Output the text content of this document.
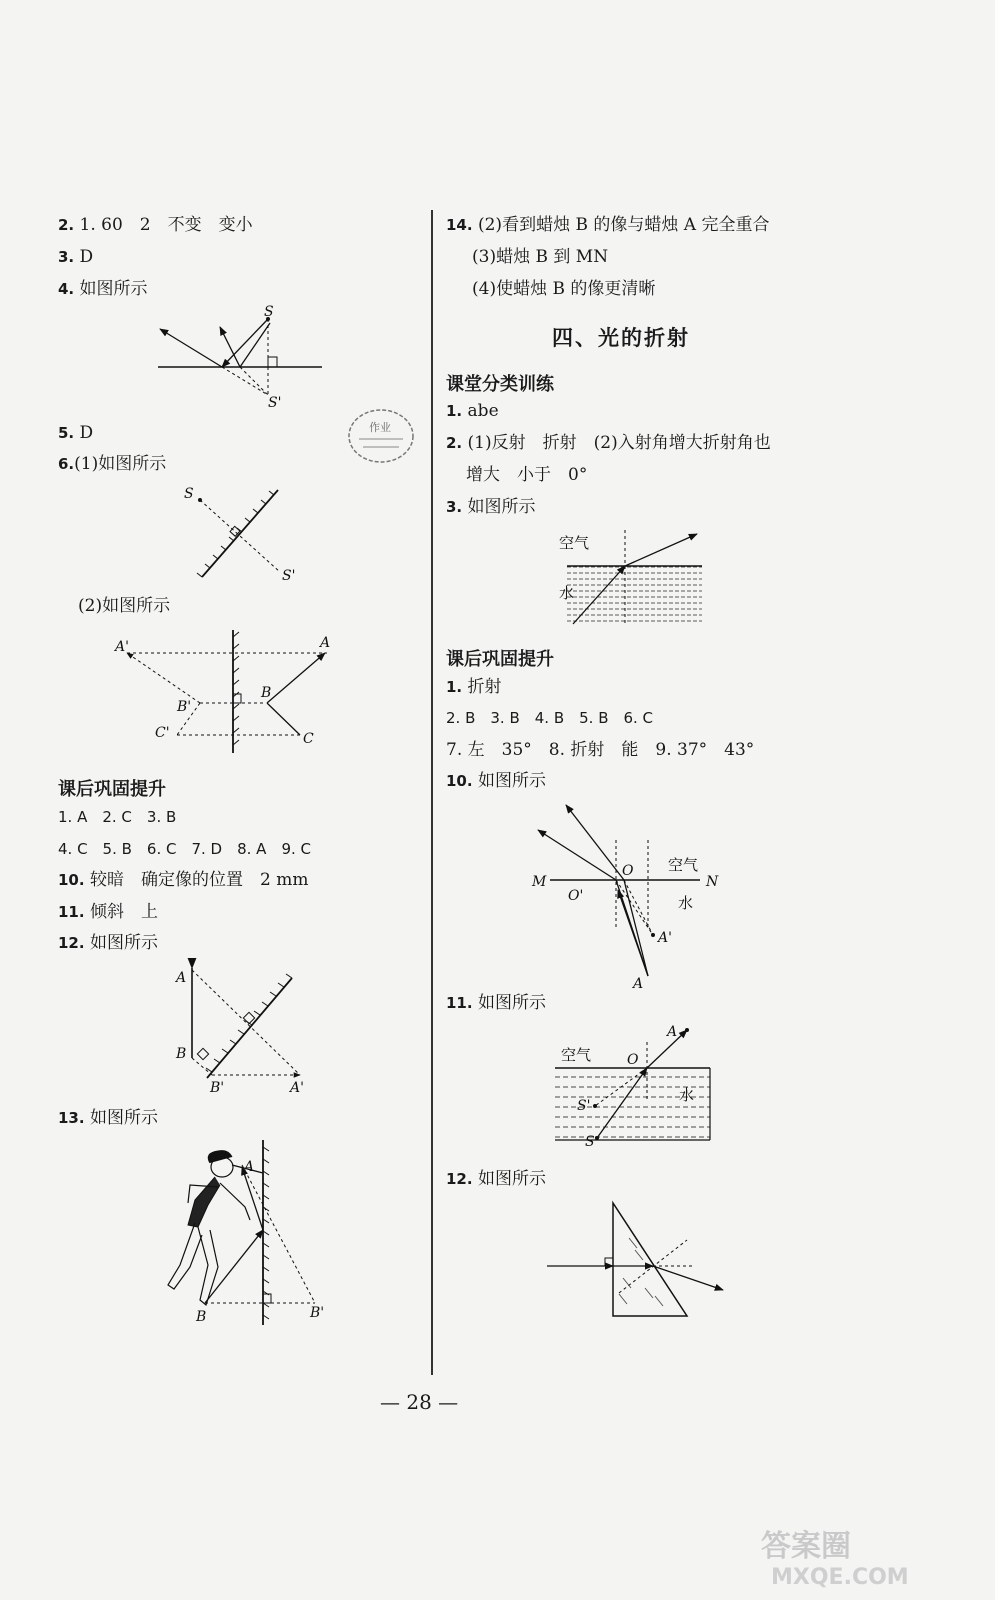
2. 1. 60　2　不变　变小
3. D
4. 如图所示
S
S'
5. D
6.(1)如图所示
S
S'
(2)如图所示
A'	A
B'
B
C'	C
课后巩固提升
1. A　2. C　3. B
4. C　5. B　6. C　7. D　8. A　9. C
10. 较暗　确定像的位置　2 mm
11. 倾斜　上
12. 如图所示
A
B
B'	A'
13. 如图所示
A
B	B'
作业
14. (2)看到蜡烛 B 的像与蜡烛 A 完全重合
(3)蜡烛 B 到 MN
(4)使蜡烛 B 的像更清晰
四、光的折射
课堂分类训练
1. abe
2. (1)反射　折射　(2)入射角增大折射角也
增大　小于　0°
3. 如图所示
空气
水
课后巩固提升
1. 折射
2. B　3. B　4. B　5. B　6. C
7. 左　35°　8. 折射　能　9. 37°　43°
10. 如图所示
M	N
O
O'
空气
水
A'
A
11. 如图所示
空气	O
A
水
S'
S
12. 如图所示
— 28 —
答案圈
MXQE.COM
